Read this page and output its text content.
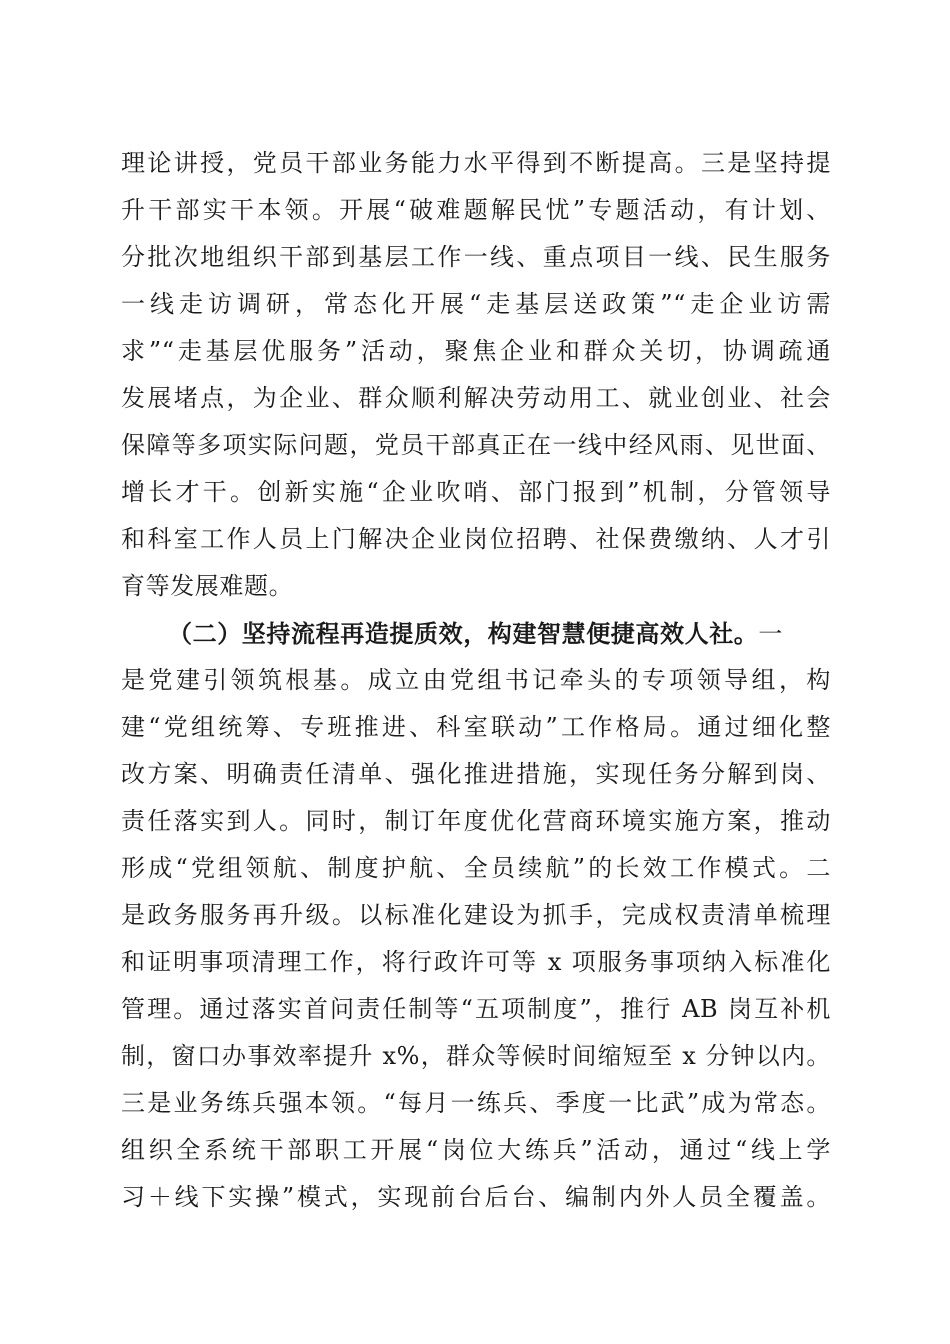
理论讲授，党员干部业务能力水平得到不断提高。三是坚持提
升干部实干本领。开展“破难题解民忧”专题活动，有计划、
分批次地组织干部到基层工作一线、重点项目一线、民生服务
一线走访调研，常态化开展“走基层送政策”“走企业访需
求”“走基层优服务”活动，聚焦企业和群众关切，协调疏通
发展堵点，为企业、群众顺利解决劳动用工、就业创业、社会
保障等多项实际问题，党员干部真正在一线中经风雨、见世面、
增长才干。创新实施“企业吹哨、部门报到”机制，分管领导
和科室工作人员上门解决企业岗位招聘、社保费缴纳、人才引
育等发展难题。
（二）坚持流程再造提质效，构建智慧便捷高效人社。一
是党建引领筑根基。成立由党组书记牵头的专项领导组，构
建“党组统筹、专班推进、科室联动”工作格局。通过细化整
改方案、明确责任清单、强化推进措施，实现任务分解到岗、
责任落实到人。同时，制订年度优化营商环境实施方案，推动
形成“党组领航、制度护航、全员续航”的长效工作模式。二
是政务服务再升级。以标准化建设为抓手，完成权责清单梳理
和证明事项清理工作，将行政许可等 x 项服务事项纳入标准化
管理。通过落实首问责任制等“五项制度”，推行 AB 岗互补机
制，窗口办事效率提升 x%，群众等候时间缩短至 x 分钟以内。
三是业务练兵强本领。“每月一练兵、季度一比武”成为常态。
组织全系统干部职工开展“岗位大练兵”活动，通过“线上学
习＋线下实操”模式，实现前台后台、编制内外人员全覆盖。
